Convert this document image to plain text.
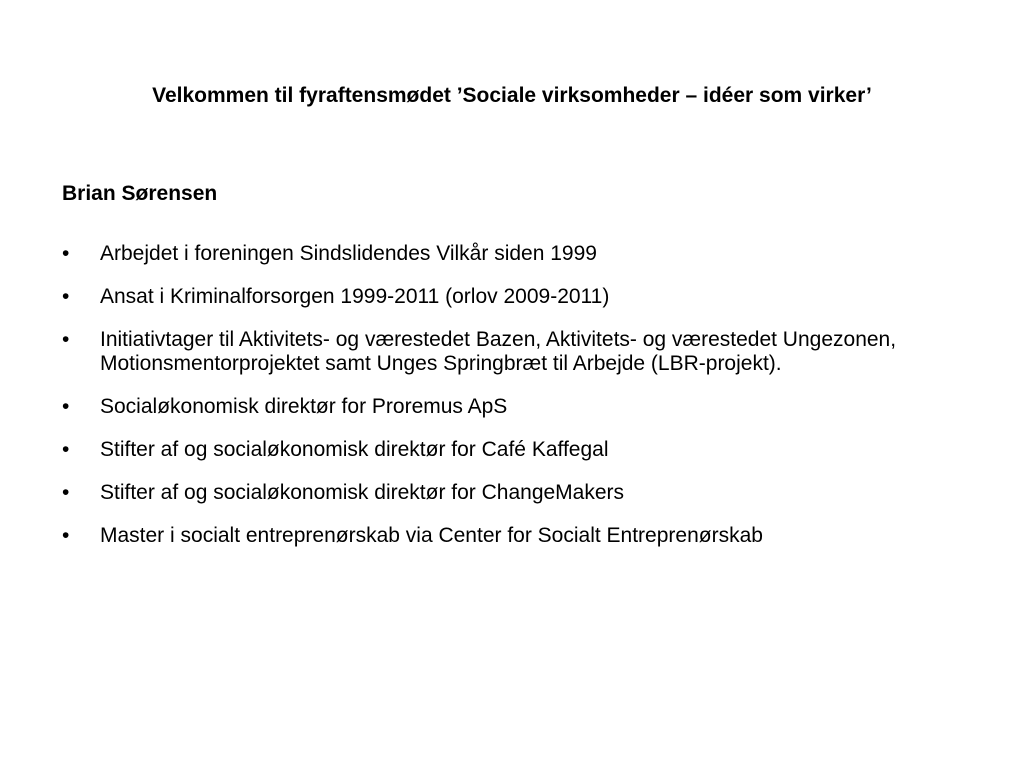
Velkommen til fyraftensmødet ’Sociale virksomheder – idéer som virker’
Brian Sørensen
•	Arbejdet i foreningen Sindslidendes Vilkår siden 1999
•	Ansat i Kriminalforsorgen 1999-2011 (orlov 2009-2011)
•	Initiativtager til Aktivitets- og værestedet Bazen, Aktivitets- og værestedet Ungezonen, Motionsmentorprojektet samt Unges Springbræt til Arbejde (LBR-projekt).
•	Socialøkonomisk direktør for Proremus ApS
•	Stifter af og socialøkonomisk direktør for Café Kaffegal
•	Stifter af og socialøkonomisk direktør for ChangeMakers
•	Master i socialt entreprenørskab via Center for Socialt Entreprenørskab
